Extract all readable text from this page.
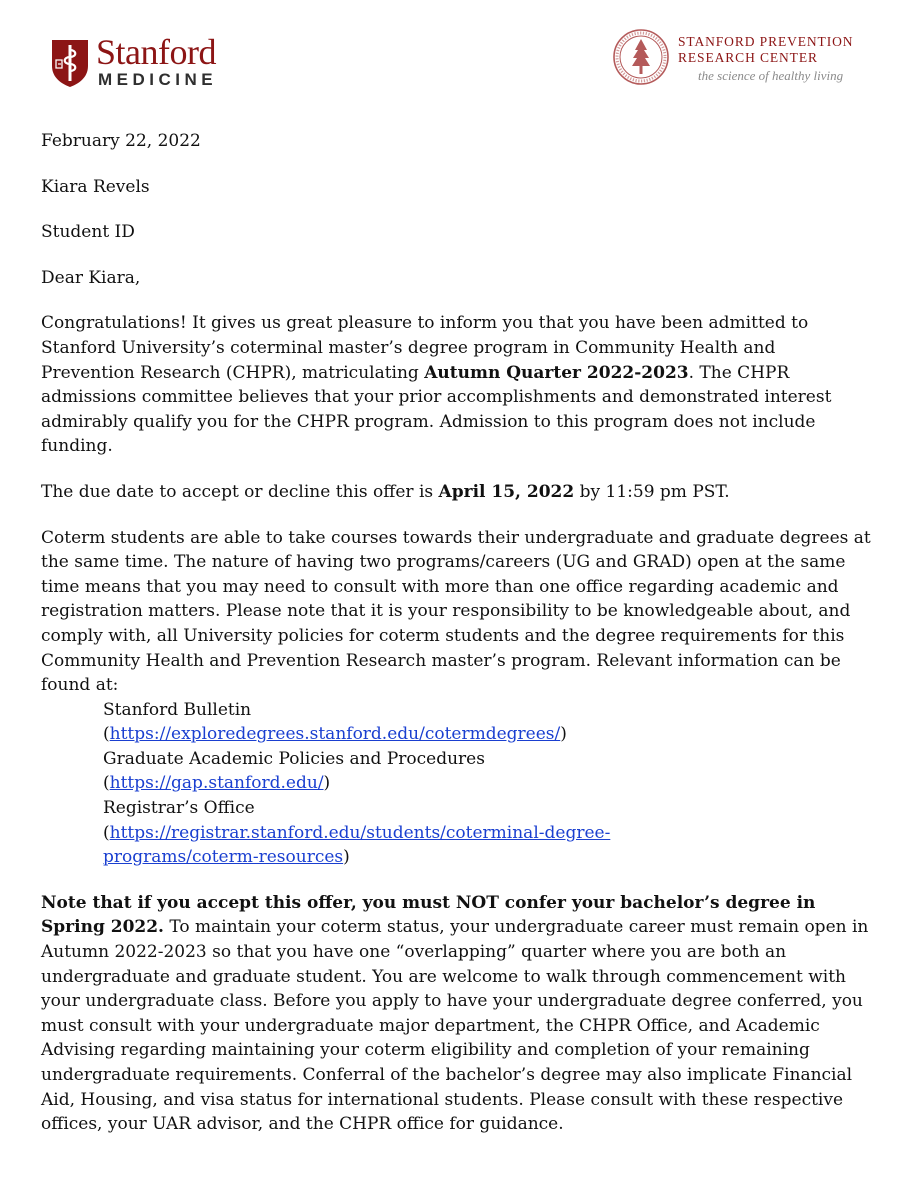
Stanford
MEDICINE
STANFORD PREVENTION
RESEARCH CENTER
the science of healthy living
February 22, 2022
Kiara Revels
Student ID
Dear Kiara,

Congratulations! It gives us great pleasure to inform you that you have been admitted to Stanford University’s coterminal master’s degree program in Community Health and Prevention Research (CHPR), matriculating Autumn Quarter 2022-2023. The CHPR admissions committee believes that your prior accomplishments and demonstrated interest admirably qualify you for the CHPR program. Admission to this program does not include funding.

The due date to accept or decline this offer is April 15, 2022 by 11:59 pm PST.

Coterm students are able to take courses towards their undergraduate and graduate degrees at the same time. The nature of having two programs/careers (UG and GRAD) open at the same time means that you may need to consult with more than one office regarding academic and registration matters. Please note that it is your responsibility to be knowledgeable about, and comply with, all University policies for coterm students and the degree requirements for this Community Health and Prevention Research master’s program. Relevant information can be found at:

Stanford Bulletin
(https://exploredegrees.stanford.edu/cotermdegrees/)
Graduate Academic Policies and Procedures
(https://gap.stanford.edu/)
Registrar’s Office
(https://registrar.stanford.edu/students/coterminal-degree-
programs/coterm-resources)

Note that if you accept this offer, you must NOT confer your bachelor’s degree in Spring 2022. To maintain your coterm status, your undergraduate career must remain open in Autumn 2022-2023 so that you have one “overlapping” quarter where you are both an undergraduate and graduate student. You are welcome to walk through commencement with your undergraduate class. Before you apply to have your undergraduate degree conferred, you must consult with your undergraduate major department, the CHPR Office, and Academic Advising regarding maintaining your coterm eligibility and completion of your remaining undergraduate requirements. Conferral of the bachelor’s degree may also implicate Financial Aid, Housing, and visa status for international students. Please consult with these respective offices, your UAR advisor, and the CHPR office for guidance.
